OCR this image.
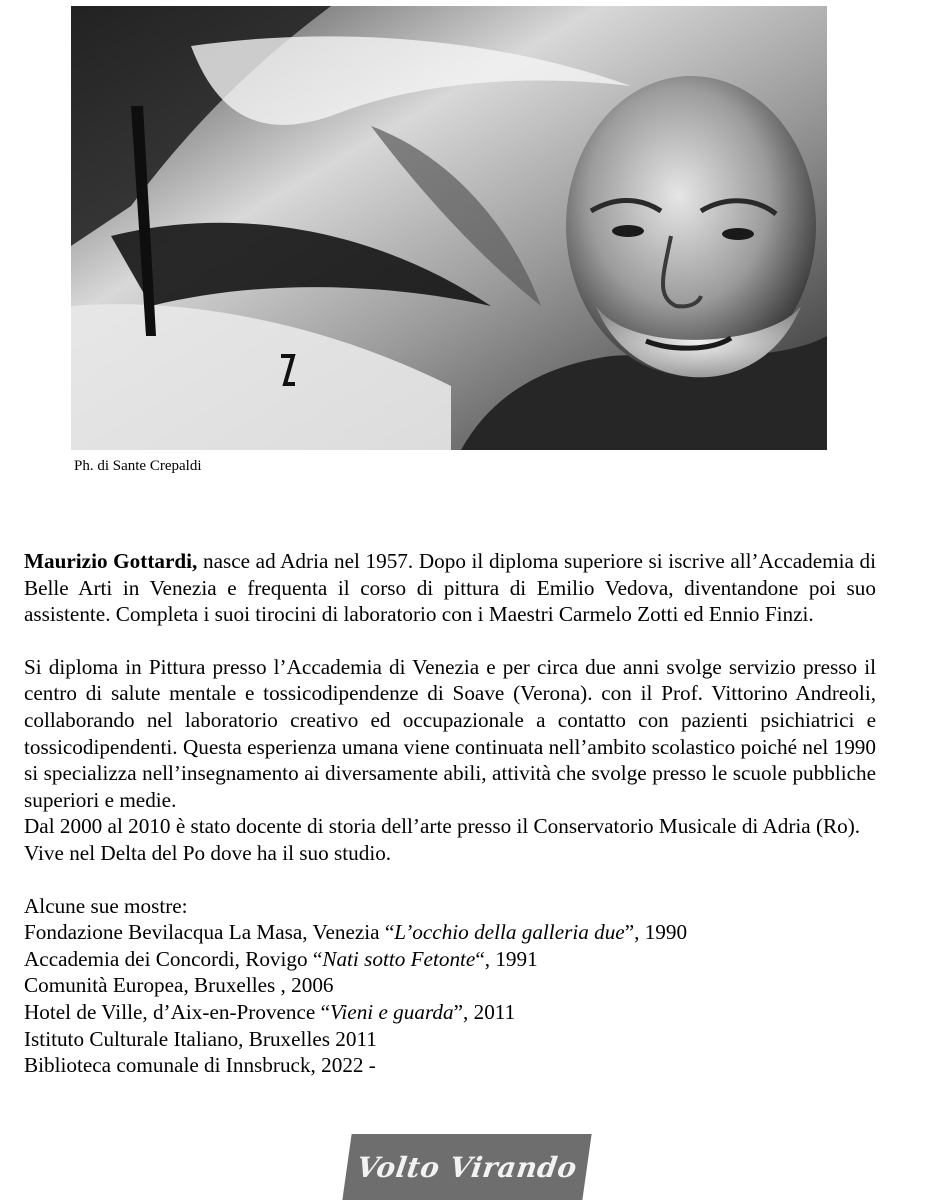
Ph. di Sante Crepaldi

Maurizio Gottardi, nasce ad Adria nel 1957. Dopo il diploma superiore si iscrive all’Accademia di Belle Arti in Venezia e frequenta il corso di pittura di Emilio Vedova, diventandone poi suo assistente. Completa i suoi tirocini di laboratorio con i Maestri Carmelo Zotti ed Ennio Finzi.

Si diploma in Pittura presso l’Accademia di Venezia e per circa due anni svolge servizio presso il centro di salute mentale e tossicodipendenze di Soave (Verona). con il Prof. Vittorino Andreoli, collaborando nel laboratorio creativo ed occupazionale a contatto con pazienti psichiatrici e tossicodipendenti. Questa esperienza umana viene continuata nell’ambito scolastico poiché nel 1990 si specializza nell’insegnamento ai diversamente abili, attività che svolge presso le scuole pubbliche superiori e medie.

Dal 2000 al 2010 è stato docente di storia dell’arte presso il Conservatorio Musicale di Adria (Ro).

Vive nel Delta del Po dove ha il suo studio.

Alcune sue mostre:
Fondazione Bevilacqua La Masa, Venezia “L’occhio della galleria due”, 1990
Accademia dei Concordi, Rovigo “Nati sotto Fetonte“, 1991
Comunità Europea, Bruxelles , 2006
Hotel de Ville, d’Aix-en-Provence “Vieni e guarda”, 2011
Istituto Culturale Italiano, Bruxelles 2011
Biblioteca comunale di Innsbruck, 2022 -
Volto Virando
